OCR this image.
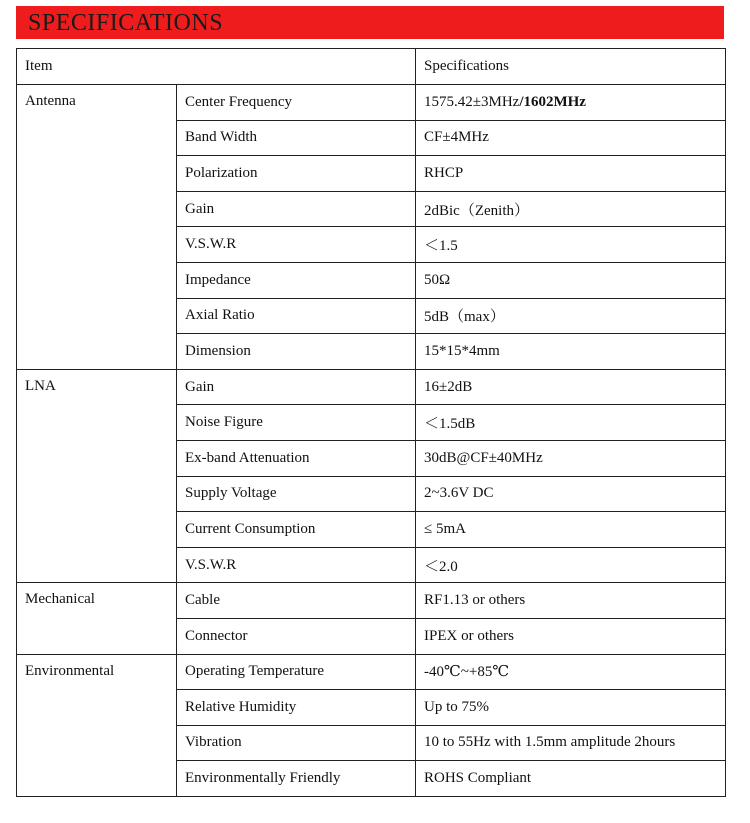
SPECIFICATIONS
Item		Specifications
Antenna	Center Frequency	1575.42±3MHz/1602MHz
	Band Width	CF±4MHz
	Polarization	RHCP
	Gain	2dBic（Zenith）
	V.S.W.R	＜1.5
	Impedance	50Ω
	Axial Ratio	5dB（max）
	Dimension	15*15*4mm
LNA	Gain	16±2dB
	Noise Figure	＜1.5dB
	Ex-band Attenuation	30dB@CF±40MHz
	Supply Voltage	2~3.6V DC
	Current Consumption	≤ 5mA
	V.S.W.R	＜2.0
Mechanical	Cable	RF1.13 or others
	Connector	IPEX or others
Environmental	Operating Temperature	-40℃~+85℃
	Relative Humidity	Up to 75%
	Vibration	10 to 55Hz with 1.5mm amplitude 2hours
	Environmentally Friendly	ROHS Compliant
